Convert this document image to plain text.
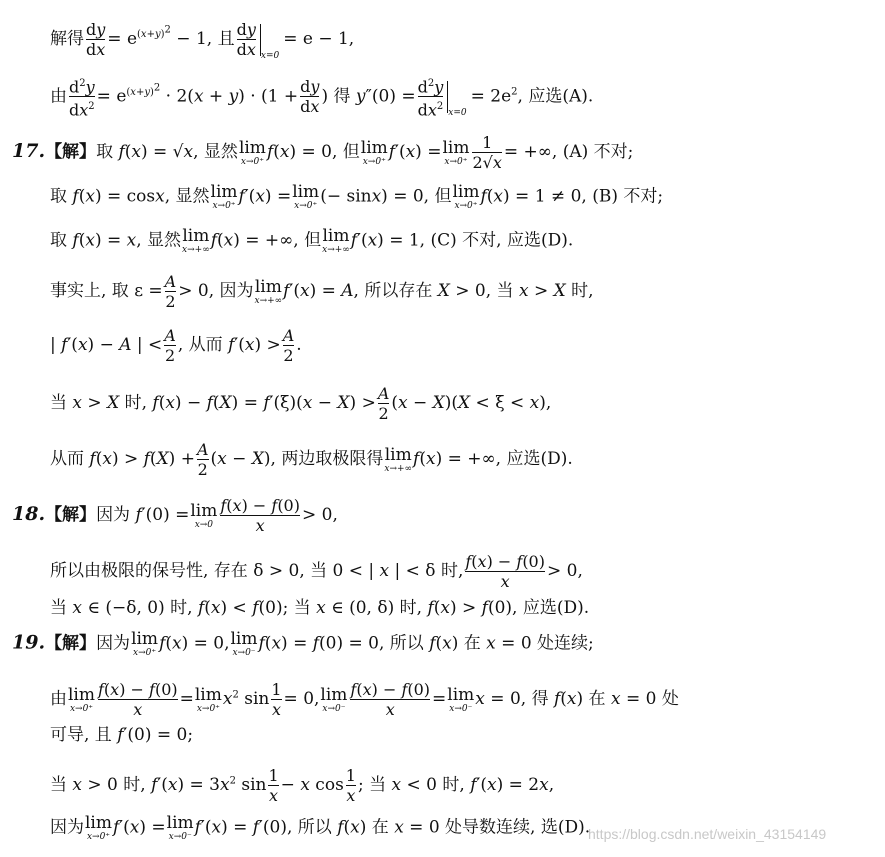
解得 $\frac{dy}{dx} = e^{(x+y)^2} - 1$, 且 $\frac{dy}{dx} _{x=0}= e - 1$,
由 $\frac{d^2y}{dx^2} = e^{(x+y)^2} \cdot 2(x + y) \cdot (1 + \frac{dy}{dx}$ ) 得 $y''(0) = \frac{d^2y}{dx^2} _{x=0}= 2e^2$, 应选(A).
17.【解】取 f(x) = √x, 显然 lim
x→0⁺ f(x) = 0, 但 lim
x→0⁺ f′(x) = lim
$x\to 0^+ \frac{1}{2√x}$ = +∞, (A) 不对;
取 f(x) = cosx, 显然 lim
x→0⁺ f′(x) = lim
x→0⁺ (− sinx) = 0, 但 lim
x→0⁺ f(x) = 1 ≠ 0, (B) 不对;
取 f(x) = x, 显然 lim
x→+∞ f(x) = +∞, 但 lim
x→+∞ f′(x) = 1, (C) 不对, 应选(D).
事实上, 取 $\varepsilon = \frac{A}{2} > 0$, 因为 lim
x→+∞ f′(x) = A, 所以存在 X > 0, 当 x > X 时,
| f′(x) − A | < $\frac{A}{2}$ , 从而 $f'(x) > \frac{A}{2}$ .
当 x > X 时, $f(x) - f(X) = f'(\xi)(x - X) > \frac{A}{2} (x - X)(X < \xi < x)$,
从而 $f(x) > f(X) + \frac{A}{2} (x - X)$, 两边取极限得 lim
x→+∞ f(x) = +∞, 应选(D).
18.【解】因为 f′(0) = lim
$x\to 0 \frac{f(x) - f(0)}{x} > 0$,
所以由极限的保号性, 存在 δ > 0, 当 0 < | x | < δ 时, $\frac{f(x) - f(0)}{x} > 0$,
当 x ∈ (−δ, 0) 时, f(x) < f(0); 当 x ∈ (0, δ) 时, f(x) > f(0), 应选(D).
19.【解】因为 lim
x→0⁺ f(x) = 0, lim
x→0⁻ f(x) = f(0) = 0, 所以 f(x) 在 x = 0 处连续;
由 lim
$x\to 0^+ \frac{f(x) - f(0)}{x} = \lim$
x→0⁺ $x^2$ $\sin \frac{1}{x} = 0$, lim
$x\to 0^- \frac{f(x) - f(0)}{x} = \lim$
x→0⁻ x = 0, 得 f(x) 在 x = 0 处
可导, 且 f′(0) = 0;
当 x > 0 时, $f'(x) = 3x^2$ $\sin \frac{1}{x} - x$ $\cos \frac{1}{x}$ ; 当 x < 0 时, f′(x) = 2x,
因为 lim
x→0⁺ f′(x) = lim
x→0⁻ f′(x) = f′(0), 所以 f(x) 在 x = 0 处导数连续, 选(D).
https://blog.csdn.net/weixin_43154149
